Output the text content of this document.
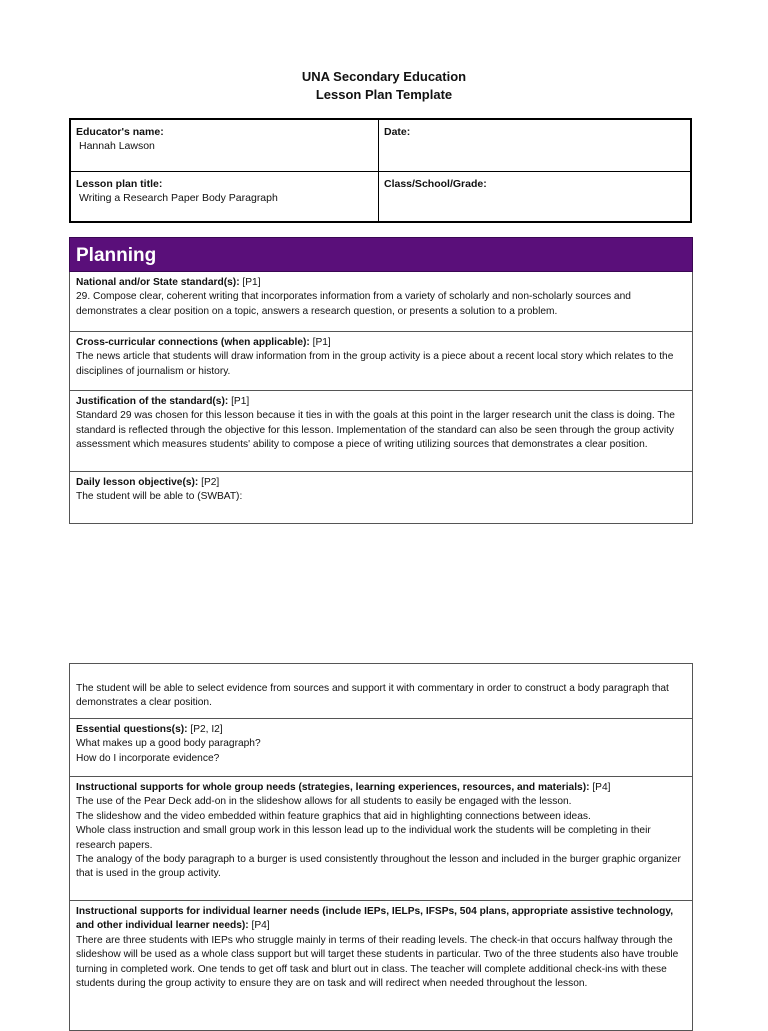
UNA Secondary Education
Lesson Plan Template
Educator's name:
Hannah Lawson
Date:
Lesson plan title:
Writing a Research Paper Body Paragraph
Class/School/Grade:
Planning

National and/or State standard(s): [P1]

29. Compose clear, coherent writing that incorporates information from a variety of scholarly and non-scholarly sources and demonstrates a clear position on a topic, answers a research question, or presents a solution to a problem.

Cross-curricular connections (when applicable): [P1]

The news article that students will draw information from in the group activity is a piece about a recent local story which relates to the disciplines of journalism or history.

Justification of the standard(s): [P1]

Standard 29 was chosen for this lesson because it ties in with the goals at this point in the larger research unit the class is doing. The standard is reflected through the objective for this lesson. Implementation of the standard can also be seen through the group activity assessment which measures students' ability to compose a piece of writing utilizing sources that demonstrates a clear position.

Daily lesson objective(s): [P2]

The student will be able to (SWBAT):

The student will be able to select evidence from sources and support it with commentary in order to construct a body paragraph that demonstrates a clear position.

Essential questions(s): [P2, I2]

What makes up a good body paragraph?

How do I incorporate evidence?

Instructional supports for whole group needs (strategies, learning experiences, resources, and materials): [P4]

The use of the Pear Deck add-on in the slideshow allows for all students to easily be engaged with the lesson.

The slideshow and the video embedded within feature graphics that aid in highlighting connections between ideas.

Whole class instruction and small group work in this lesson lead up to the individual work the students will be completing in their research papers.

The analogy of the body paragraph to a burger is used consistently throughout the lesson and included in the burger graphic organizer that is used in the group activity.

Instructional supports for individual learner needs (include IEPs, IELPs, IFSPs, 504 plans, appropriate assistive technology, and other individual learner needs): [P4]

There are three students with IEPs who struggle mainly in terms of their reading levels. The check-in that occurs halfway through the slideshow will be used as a whole class support but will target these students in particular. Two of the three students also have trouble turning in completed work. One tends to get off task and blurt out in class. The teacher will complete additional check-ins with these students during the group activity to ensure they are on task and will redirect when needed throughout the lesson.
